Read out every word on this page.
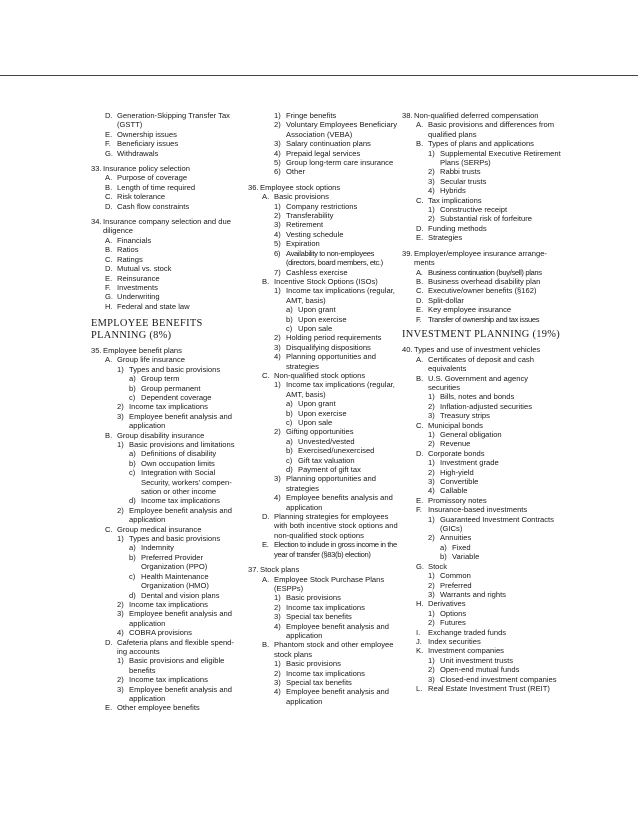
D. Generation-Skipping Transfer Tax (GSTT)
E. Ownership issues
F. Beneficiary issues
G. Withdrawals
33. Insurance policy selection
A. Purpose of coverage
B. Length of time required
C. Risk tolerance
D. Cash flow constraints
34. Insurance company selection and due diligence
A. Financials
B. Ratios
C. Ratings
D. Mutual vs. stock
E. Reinsurance
F. Investments
G. Underwriting
H. Federal and state law
EMPLOYEE BENEFITS PLANNING (8%)
35. Employee benefit plans
A. Group life insurance
1) Types and basic provisions
a) Group term
b) Group permanent
c) Dependent coverage
2) Income tax implications
3) Employee benefit analysis and application
B. Group disability insurance
1) Basic provisions and limitations
a) Definitions of disability
b) Own occupation limits
c) Integration with Social Security, workers’ compen-sation or other income
d) Income tax implications
2) Employee benefit analysis and application
C. Group medical insurance
1) Types and basic provisions
a) Indemnity
b) Preferred Provider Organization (PPO)
c) Health Maintenance Organization (HMO)
d) Dental and vision plans
2) Income tax implications
3) Employee benefit analysis and application
4) COBRA provisions
D. Cafeteria plans and flexible spend-ing accounts
1) Basic provisions and eligible benefits
2) Income tax implications
3) Employee benefit analysis and application
E. Other employee benefits
1) Fringe benefits
2) Voluntary Employees Beneficiary Association (VEBA)
3) Salary continuation plans
4) Prepaid legal services
5) Group long-term care insurance
6) Other
36. Employee stock options
A. Basic provisions
1) Company restrictions
2) Transferability
3) Retirement
4) Vesting schedule
5) Expiration
6) Availability to non-employees (directors, board members, etc.)
7) Cashless exercise
B. Incentive Stock Options (ISOs)
1) Income tax implications (regular, AMT, basis)
a) Upon grant
b) Upon exercise
c) Upon sale
2) Holding period requirements
3) Disqualifying dispositions
4) Planning opportunities and strategies
C. Non-qualified stock options
1) Income tax implications (regular, AMT, basis)
a) Upon grant
b) Upon exercise
c) Upon sale
2) Gifting opportunities
a) Unvested/vested
b) Exercised/unexercised
c) Gift tax valuation
d) Payment of gift tax
3) Planning opportunities and strategies
4) Employee benefits analysis and application
D. Planning strategies for employees with both incentive stock options and non-qualified stock options
E. Election to include in gross income in the year of transfer (§83(b) election)
37. Stock plans
A. Employee Stock Purchase Plans (ESPPs)
1) Basic provisions
2) Income tax implications
3) Special tax benefits
4) Employee benefit analysis and application
B. Phantom stock and other employee stock plans
1) Basic provisions
2) Income tax implications
3) Special tax benefits
4) Employee benefit analysis and application
38. Non-qualified deferred compensation
A. Basic provisions and differences from qualified plans
B. Types of plans and applications
1) Supplemental Executive Retirement Plans (SERPs)
2) Rabbi trusts
3) Secular trusts
4) Hybrids
C. Tax implications
1) Constructive receipt
2) Substantial risk of forfeiture
D. Funding methods
E. Strategies
39. Employer/employee insurance arrange-ments
A. Business continuation (buy/sell) plans
B. Business overhead disability plan
C. Executive/owner benefits (§162)
D. Split-dollar
E. Key employee insurance
F. Transfer of ownership and tax issues
INVESTMENT PLANNING (19%)
40. Types and use of investment vehicles
A. Certificates of deposit and cash equivalents
B. U.S. Government and agency securities
1) Bills, notes and bonds
2) Inflation-adjusted securities
3) Treasury strips
C. Municipal bonds
1) General obligation
2) Revenue
D. Corporate bonds
1) Investment grade
2) High-yield
3) Convertible
4) Callable
E. Promissory notes
F. Insurance-based investments
1) Guaranteed Investment Contracts (GICs)
2) Annuities
a) Fixed
b) Variable
G. Stock
1) Common
2) Preferred
3) Warrants and rights
H. Derivatives
1) Options
2) Futures
I. Exchange traded funds
J. Index securities
K. Investment companies
1) Unit investment trusts
2) Open-end mutual funds
3) Closed-end investment companies
L. Real Estate Investment Trust (REIT)
